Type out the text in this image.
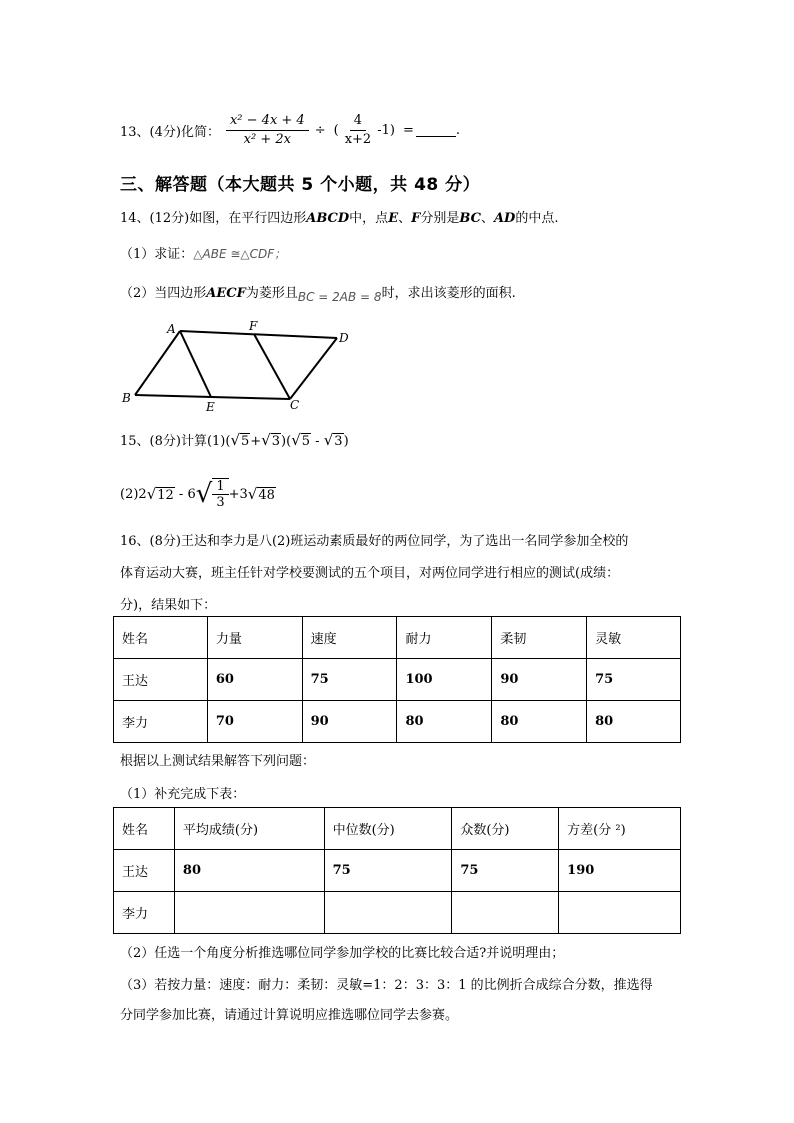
13、(4分)化简： $\frac{\text{x² − 4x + 4}}{\text{x² + 2x}}$ ÷ ( $\frac{4}{x+2} -1$) =	.
三、解答题（本大题共 5 个小题，共 48 分）
14、(12分)如图，在平行四边形ABCD中，点E、F分别是BC、AD的中点.
（1）求证：△ABE ≅△CDF；
（2）当四边形AECF为菱形且BC = 2AB = 8时，求出该菱形的面积.
A	F
D
B
E	C
15、(8分)计算(1)( √ 5 + √ 3 )( √ 5 - √ 3 )
(2)2 √ 12 - 6 √ $\frac{1}{3} +3$ √ 48
16、(8分)王达和李力是八(2)班运动素质最好的两位同学，为了选出一名同学参加全校的
体育运动大赛，班主任针对学校要测试的五个项目，对两位同学进行相应的测试(成绩：
分)，结果如下：
姓名	力量	速度	耐力	柔韧	灵敏
王达	60	75	100	90	75
李力	70	90	80	80	80
根据以上测试结果解答下列问题：
（1）补充完成下表：
姓名	平均成绩(分)	中位数(分)	众数(分)	方差(分 ²)
王达	80	75	75	190
李力				
（2）任选一个角度分析推选哪位同学参加学校的比赛比较合适?并说明理由；
（3）若按力量：速度：耐力：柔韧：灵敏=1：2：3：3：1 的比例折合成综合分数，推选得
分同学参加比赛，请通过计算说明应推选哪位同学去参赛。
